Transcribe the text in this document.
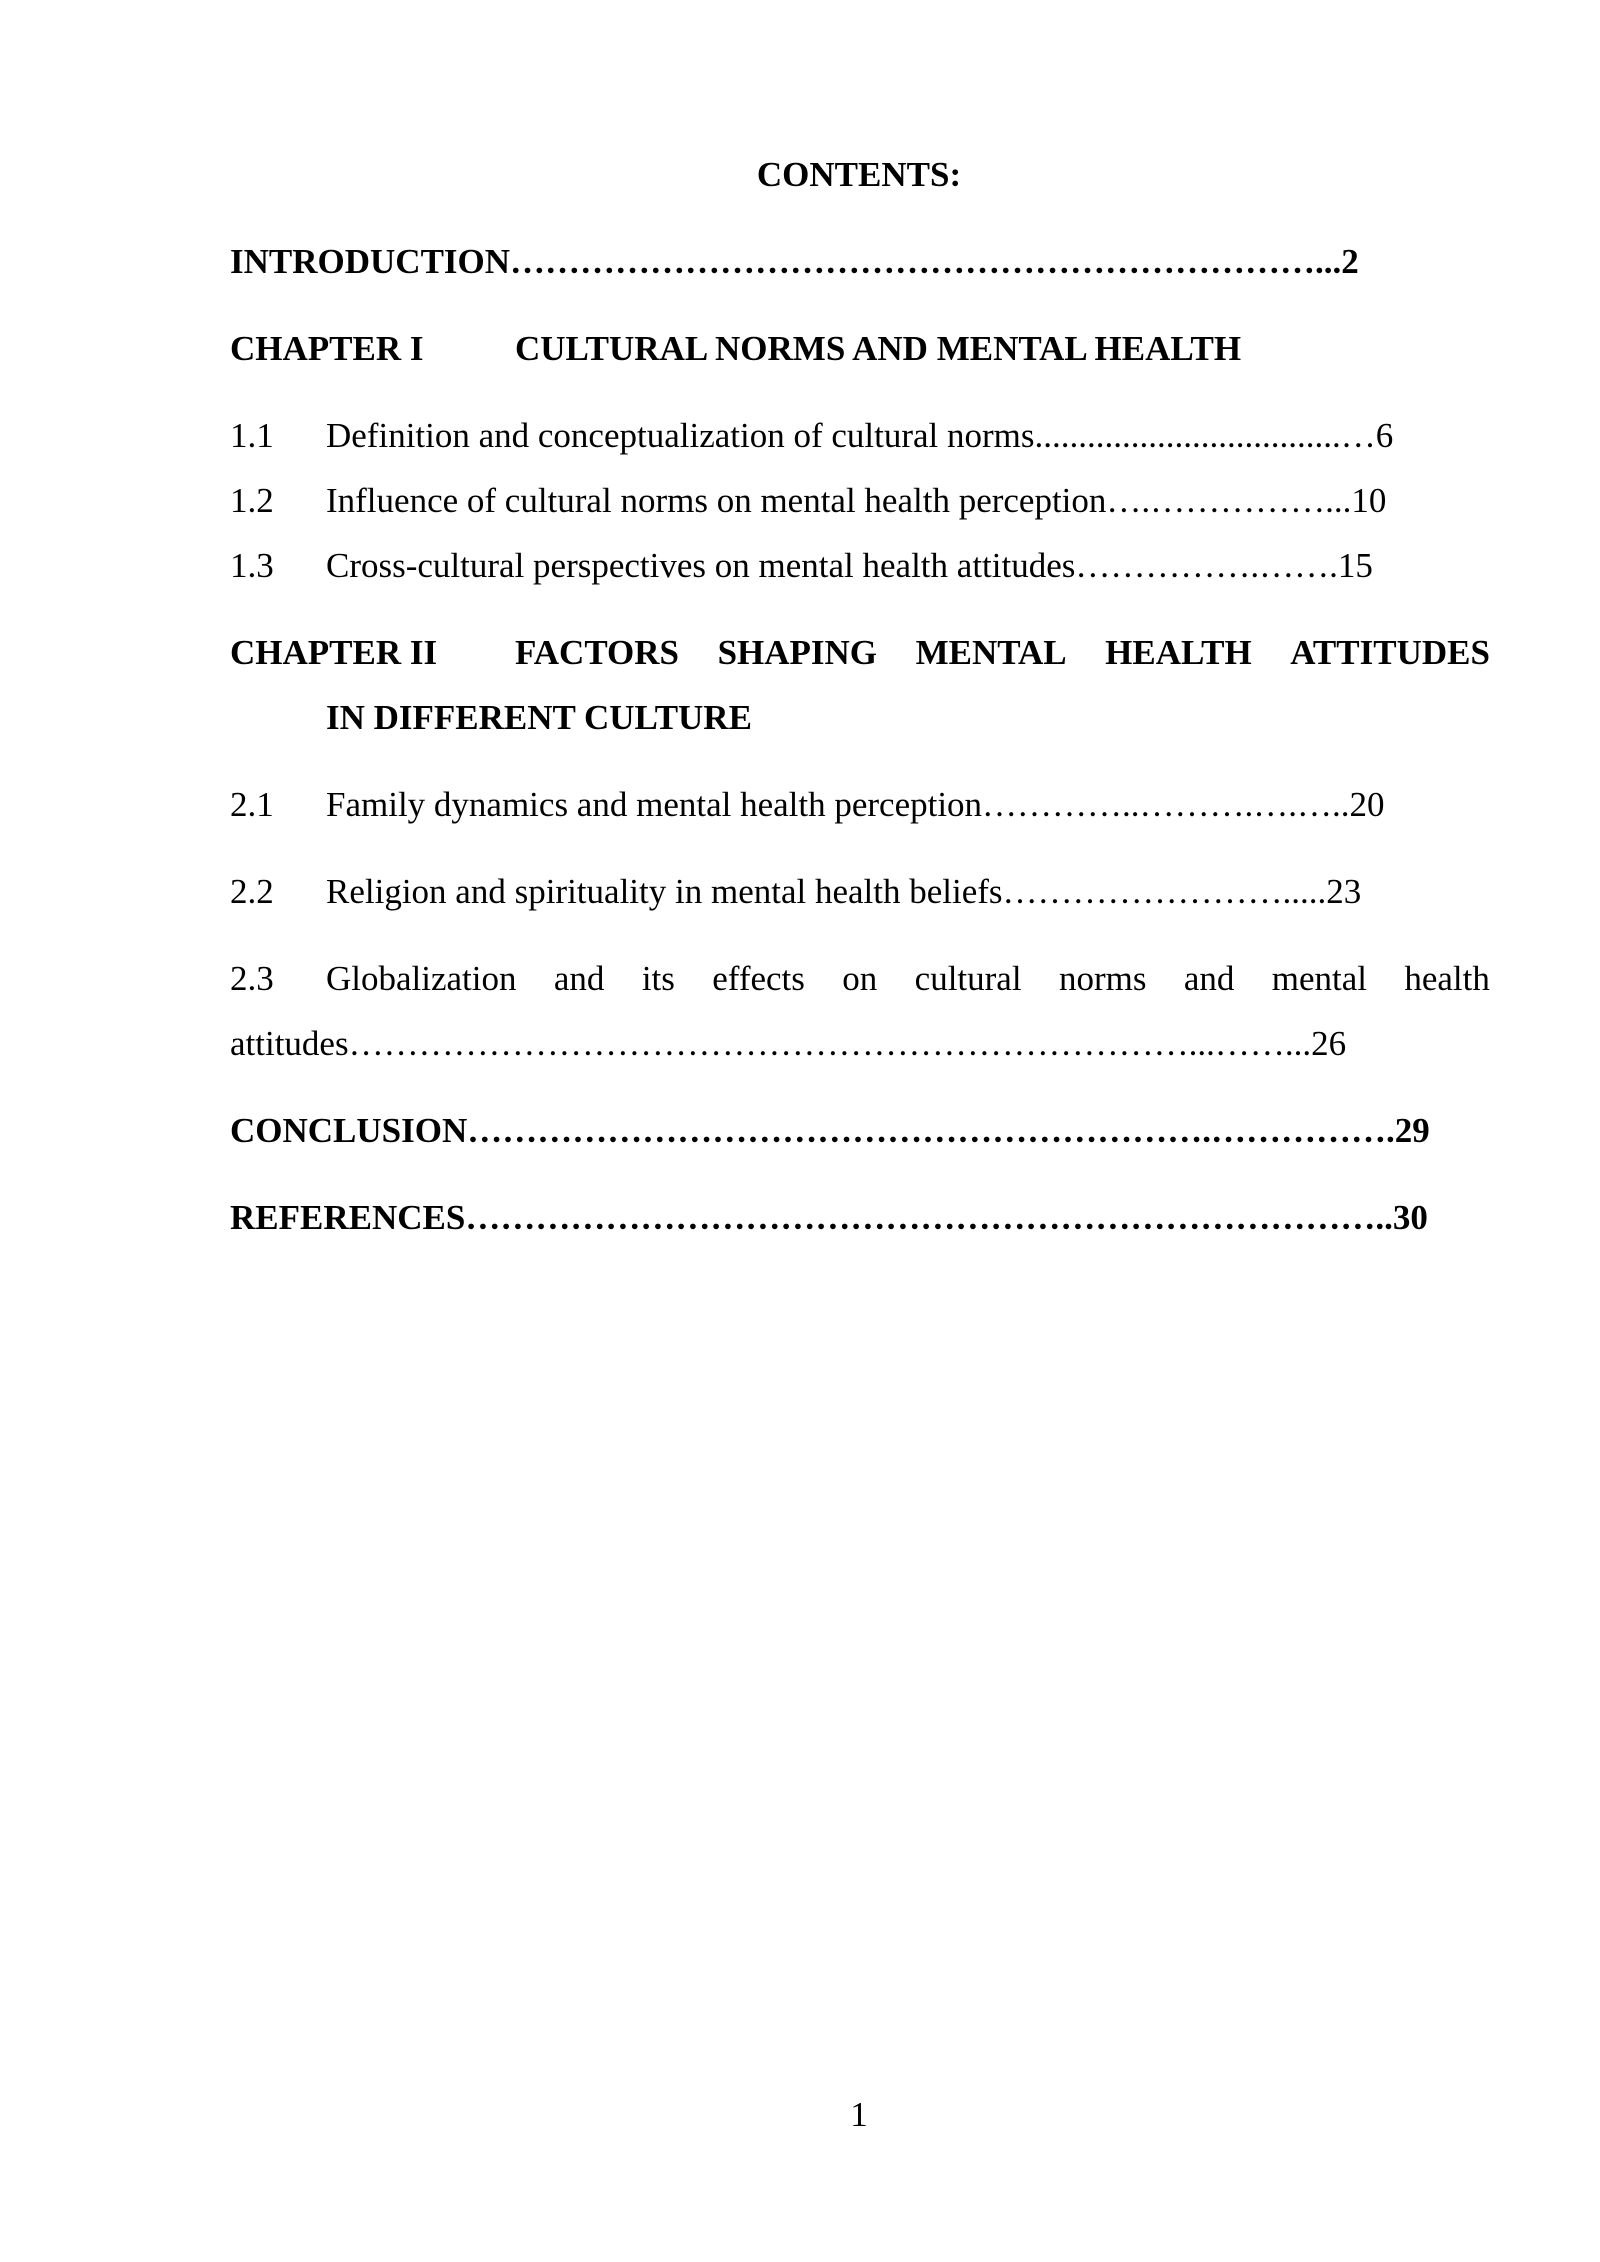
CONTENTS:
INTRODUCTION……………………………………………………………...2
CHAPTER I	CULTURAL NORMS AND MENTAL HEALTH
1.1 Definition and conceptualization of cultural norms...................................…6
1.2 Influence of cultural norms on mental health perception….……………...10
1.3 Cross-cultural perspectives on mental health attitudes…………….…….15
CHAPTER II	FACTORS SHAPING MENTAL HEALTH ATTITUDES
IN DIFFERENT CULTURE
2.1 Family dynamics and mental health perception…………..……….….…..20
2.2 Religion and spirituality in mental health beliefs…………………….....23
2.3	Globalization and its effects on cultural norms and mental health
attitudes………………………………………………………………...……...26
CONCLUSION……………………………………………………….…………….29
REFERENCES……………………………………………………………………..30
1
